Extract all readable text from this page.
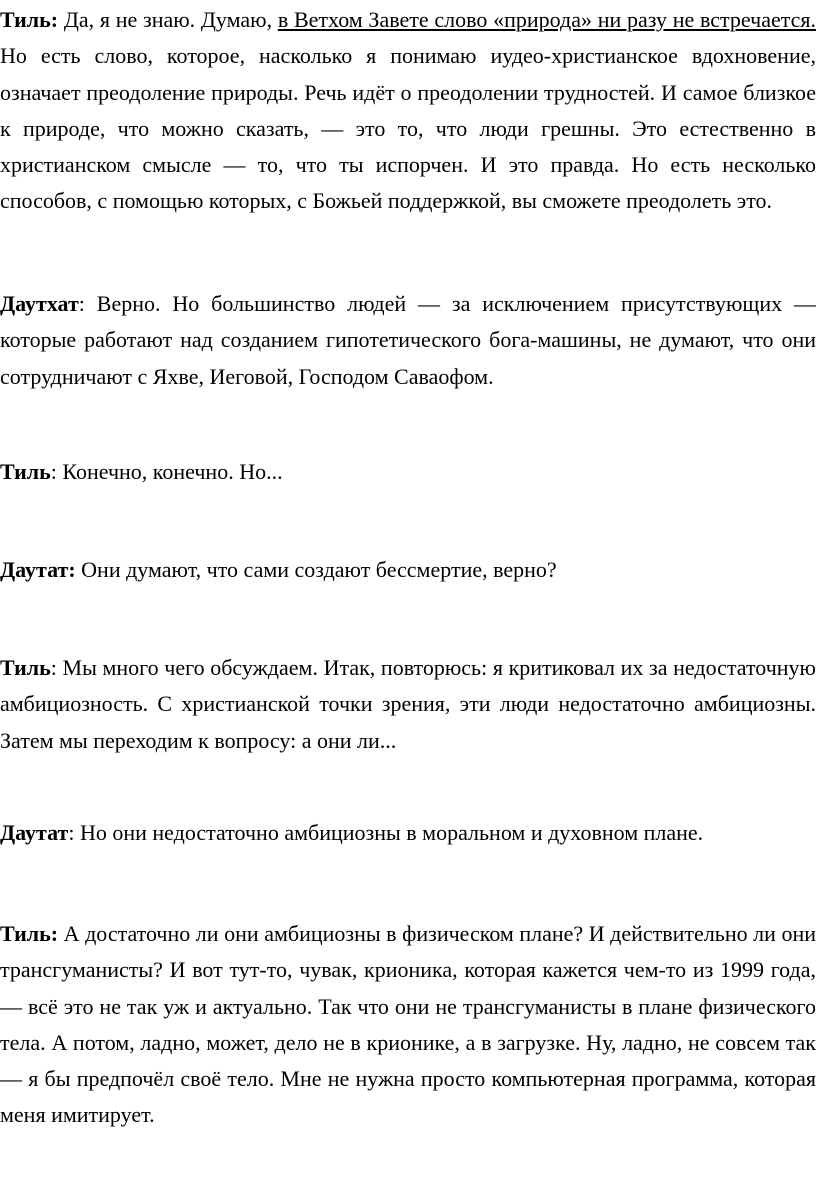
Тиль: Да, я не знаю. Думаю, в Ветхом Завете слово «природа» ни разу не встречается. Но есть слово, которое, насколько я понимаю иудео-христианское вдохновение, означает преодоление природы. Речь идёт о преодолении трудностей. И самое близкое к природе, что можно сказать, — это то, что люди грешны. Это естественно в христианском смысле — то, что ты испорчен. И это правда. Но есть несколько способов, с помощью которых, с Божьей поддержкой, вы сможете преодолеть это.

Даутхат: Верно. Но большинство людей — за исключением присутствующих — которые работают над созданием гипотетического бога-машины, не думают, что они сотрудничают с Яхве, Иеговой, Господом Саваофом.

Тиль: Конечно, конечно. Но...

Даутат: Они думают, что сами создают бессмертие, верно?

Тиль: Мы много чего обсуждаем. Итак, повторюсь: я критиковал их за недостаточную амбициозность. С христианской точки зрения, эти люди недостаточно амбициозны. Затем мы переходим к вопросу: а они ли...

Даутат: Но они недостаточно амбициозны в моральном и духовном плане.

Тиль: А достаточно ли они амбициозны в физическом плане? И действительно ли они трансгуманисты? И вот тут-то, чувак, крионика, которая кажется чем-то из 1999 года, — всё это не так уж и актуально. Так что они не трансгуманисты в плане физического тела. А потом, ладно, может, дело не в крионике, а в загрузке. Ну, ладно, не совсем так — я бы предпочёл своё тело. Мне не нужна просто компьютерная программа, которая меня имитирует.
